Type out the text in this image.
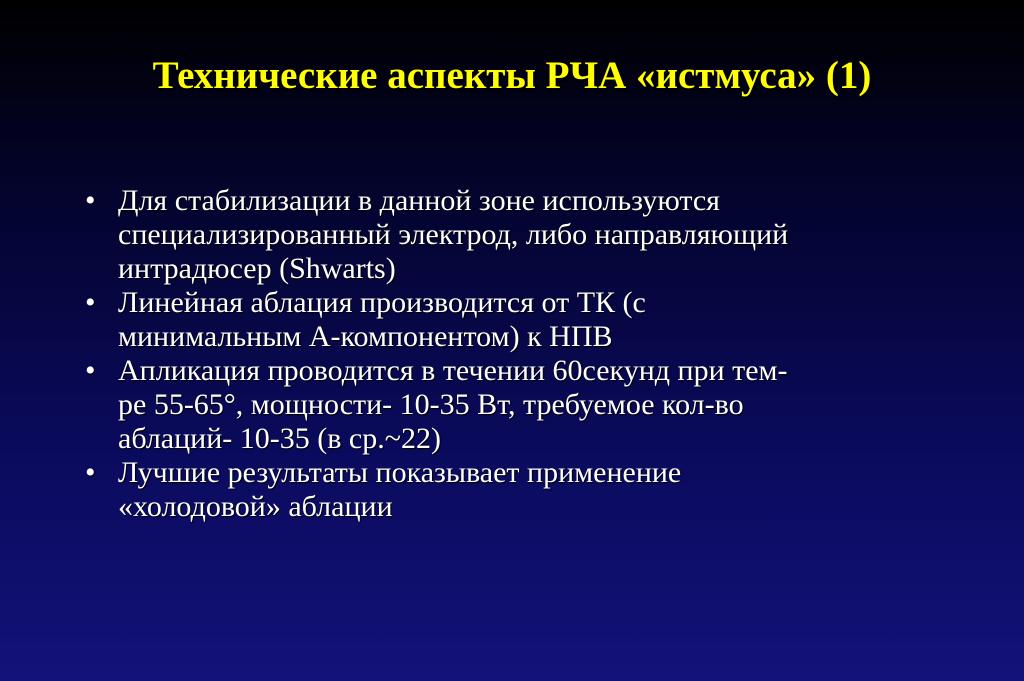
Технические аспекты РЧА «истмуса» (1)
• Для стабилизации в данной зоне используются
специализированный электрод, либо направляющий
интрадюсер (Shwarts)
• Линейная аблация производится от ТК (с
минимальным А-компонентом) к НПВ
• Апликация проводится в течении 60секунд при тем-
ре 55-65°, мощности- 10-35 Вт, требуемое кол-во
аблаций- 10-35 (в ср.~22)
• Лучшие результаты показывает применение
«холодовой» аблации
